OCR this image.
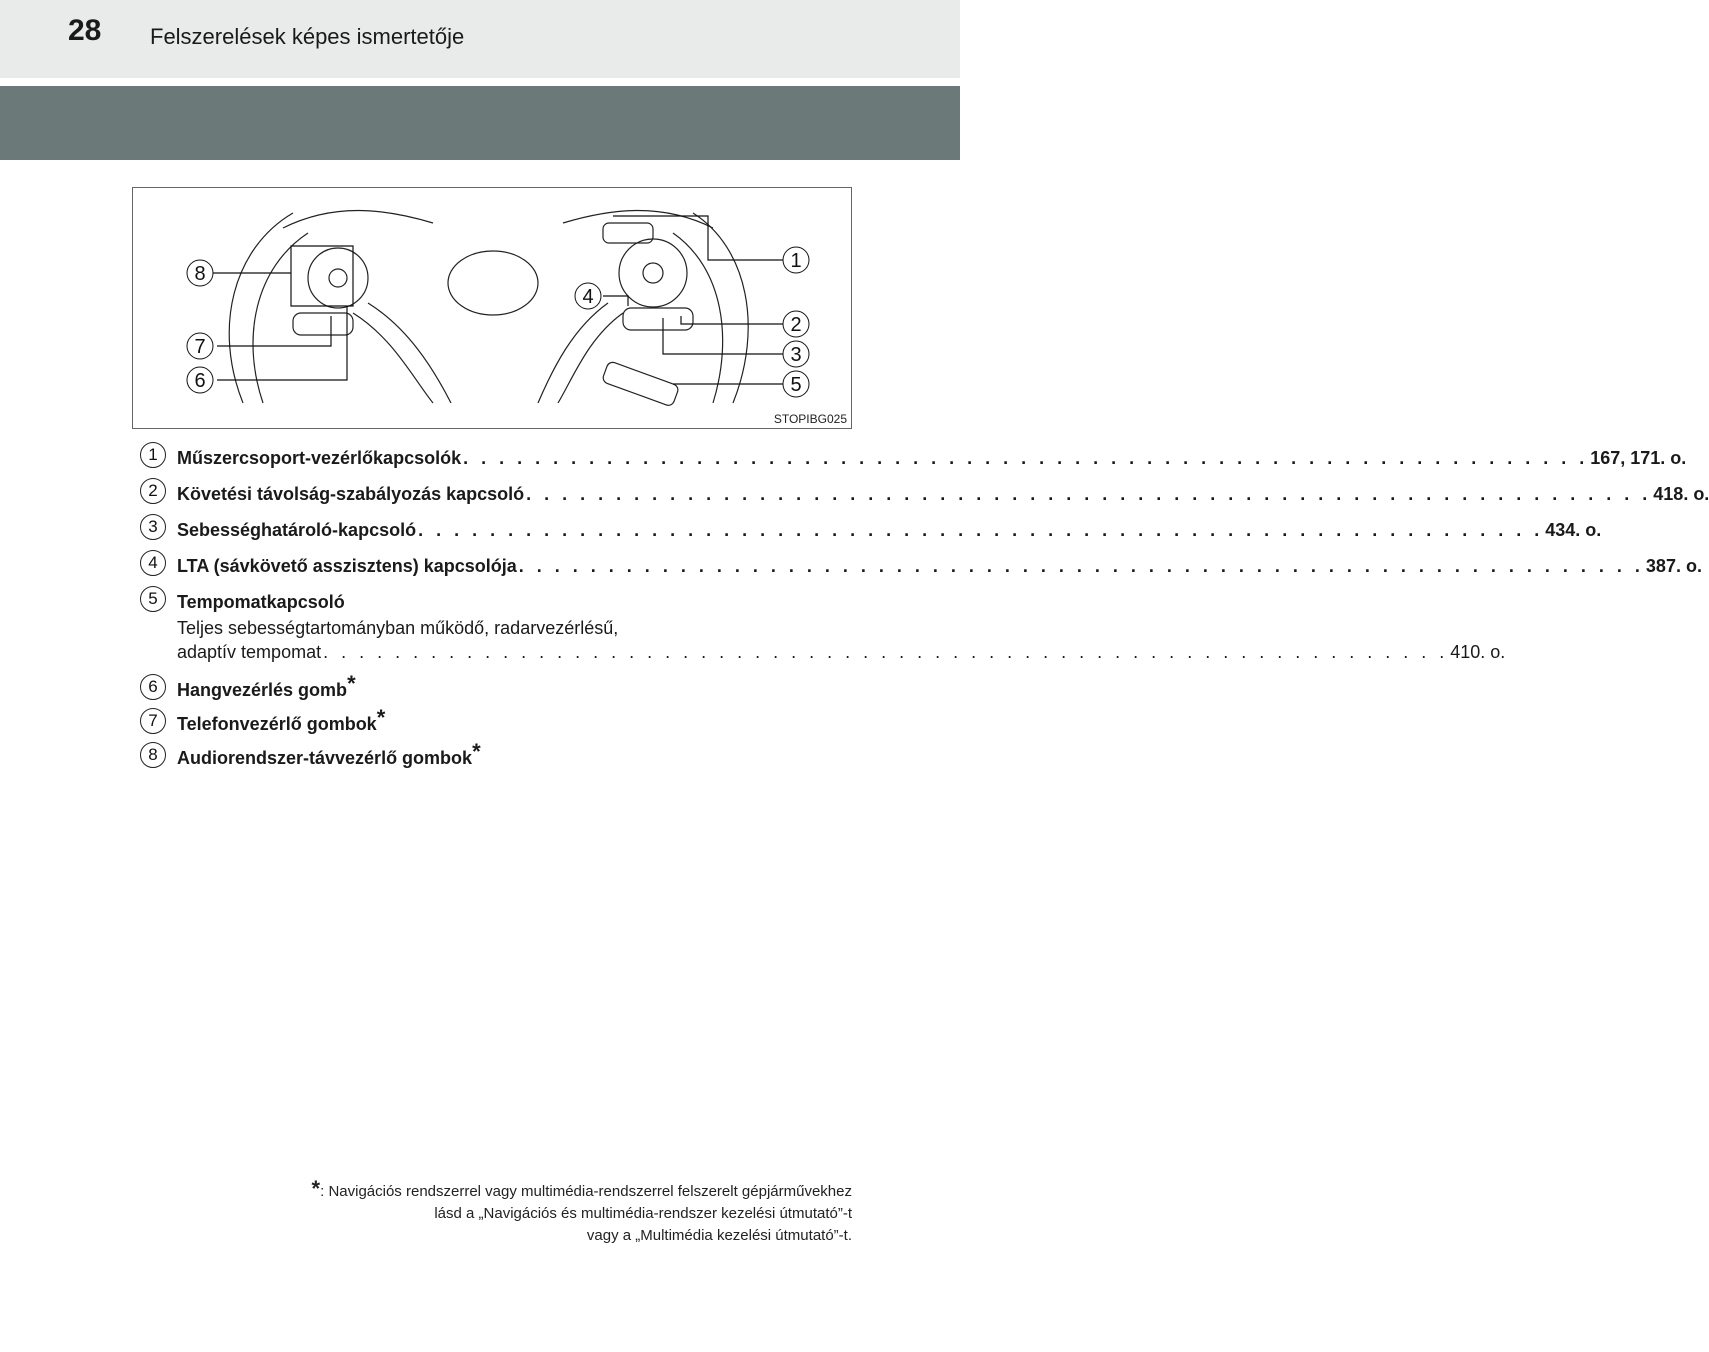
28 Felszerelések képes ismertetője
8
7
6
4
1
2
3
5
STOPIBG025
1	Műszercsoport-vezérlőkapcsolók . . . . . . . . . . . . . . . . . . . . . . . . . . . . . . . . . . . . . . . . . . . . . . . . . . . . . . . . . . . . . . . 167, 171. o.
2	Követési távolság-szabályozás kapcsoló . . . . . . . . . . . . . . . . . . . . . . . . . . . . . . . . . . . . . . . . . . . . . . . . . . . . . . . . . . . . . . . 418. o.
3	Sebességhatároló-kapcsoló . . . . . . . . . . . . . . . . . . . . . . . . . . . . . . . . . . . . . . . . . . . . . . . . . . . . . . . . . . . . . . . 434. o.
4	LTA (sávkövető asszisztens) kapcsolója . . . . . . . . . . . . . . . . . . . . . . . . . . . . . . . . . . . . . . . . . . . . . . . . . . . . . . . . . . . . . . . 387. o.
5	Tempomatkapcsoló
Teljes sebességtartományban működő, radarvezérlésű,
adaptív tempomat . . . . . . . . . . . . . . . . . . . . . . . . . . . . . . . . . . . . . . . . . . . . . . . . . . . . . . . . . . . . . . . 410. o.
6	Hangvezérlés gomb *
7	Telefonvezérlő gombok *
8	Audiorendszer-távvezérlő gombok *
*: Navigációs rendszerrel vagy multimédia-rendszerrel felszerelt gépjárművekhez
lásd a „Navigációs és multimédia-rendszer kezelési útmutató”-t
vagy a „Multimédia kezelési útmutató”-t.
